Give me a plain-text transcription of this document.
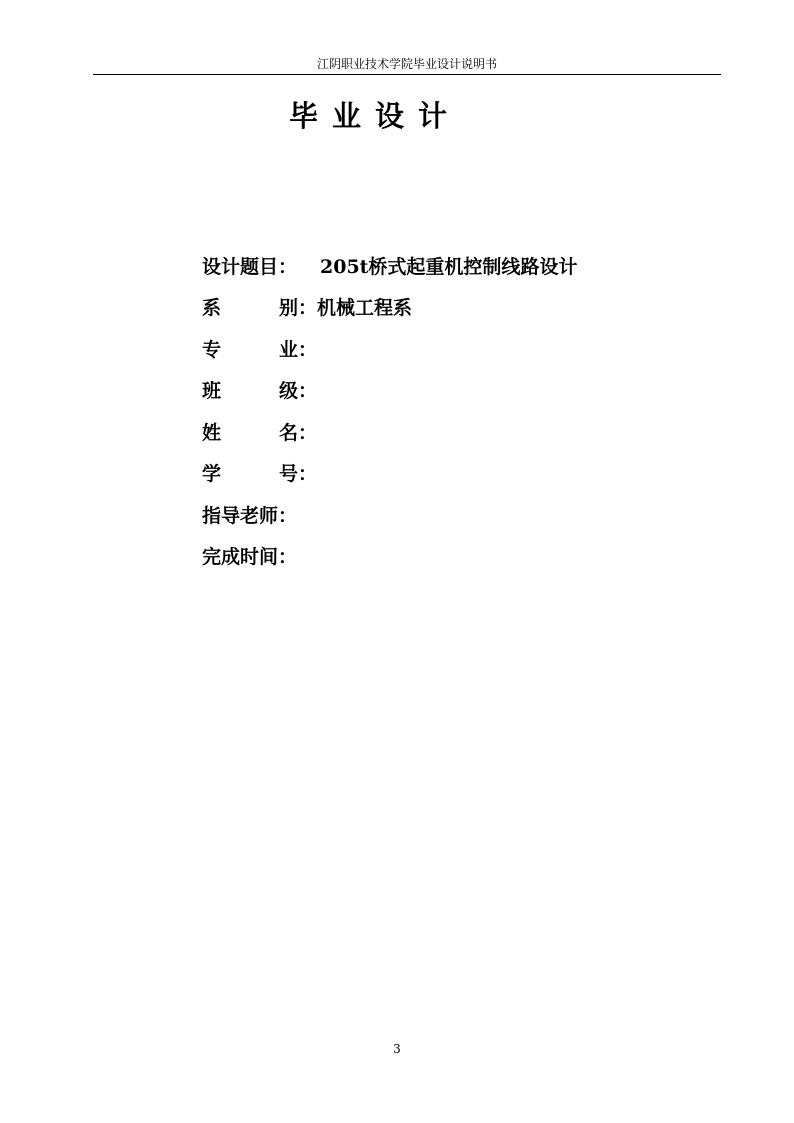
江阴职业技术学院毕业设计说明书
毕业设计
设计题目：	205t桥式起重机控制线路设计
系	别 ： 机械工程系
专	业 ：
班	级 ：
姓	名 ：
学	号 ：
指导老师：
完成时间：
3
